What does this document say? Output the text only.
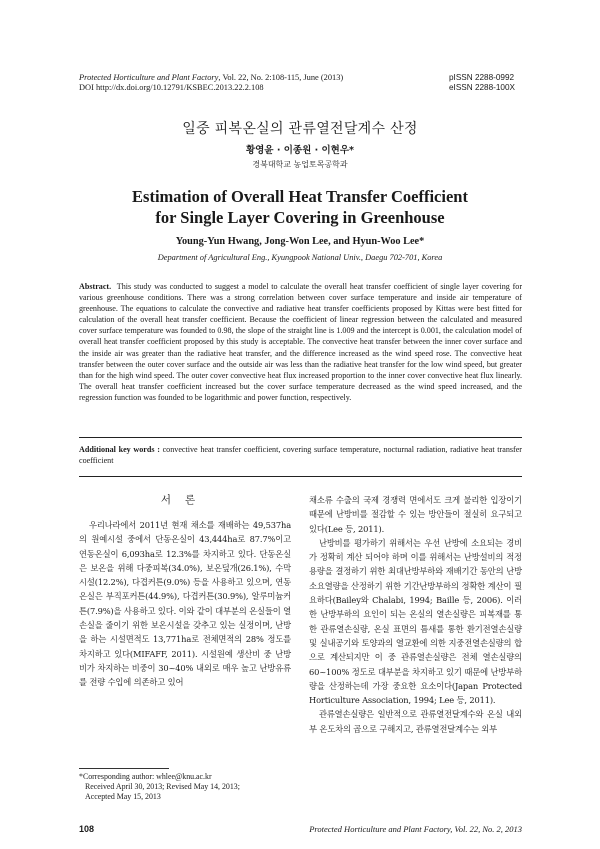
Protected Horticulture and Plant Factory, Vol. 22, No. 2:108-115, June (2013)
DOI http://dx.doi.org/10.12791/KSBEC.2013.22.2.108
pISSN 2288-0992
eISSN 2288-100X
일중 피복온실의 관류열전달계수 산정
황영윤 · 이종원 · 이현우*
경북대학교 농업토목공학과
Estimation of Overall Heat Transfer Coefficient
for Single Layer Covering in Greenhouse
Young-Yun Hwang, Jong-Won Lee, and Hyun-Woo Lee*
Department of Agricultural Eng., Kyungpook National Univ., Daegu 702-701, Korea
Abstract. This study was conducted to suggest a model to calculate the overall heat transfer coefficient of single layer covering for various greenhouse conditions. There was a strong correlation between cover surface temperature and inside air temperature of greenhouse. The equations to calculate the convective and radiative heat transfer coefficients proposed by Kittas were best fitted for calculation of the overall heat transfer coefficient. Because the coefficient of linear regression between the calculated and measured cover surface temperature was founded to 0.98, the slope of the straight line is 1.009 and the intercept is 0.001, the calculation model of overall heat transfer coefficient proposed by this study is acceptable. The convective heat transfer between the inner cover surface and the inside air was greater than the radiative heat transfer, and the difference increased as the wind speed rose. The convective heat transfer between the outer cover surface and the outside air was less than the radiative heat transfer for the low wind speed, but greater than for the high wind speed. The outer cover convective heat flux increased proportion to the inner cover convective heat flux linearly. The overall heat transfer coefficient increased but the cover surface temperature decreased as the wind speed increased, and the regression function was founded to be logarithmic and power function, respectively.
Additional key words : convective heat transfer coefficient, covering surface temperature, nocturnal radiation, radiative heat transfer coefficient
서론

우리나라에서 2011년 현재 채소를 재배하는 49,537ha의 원예시설 중에서 단동온실이 43,444ha로 87.7%이고 연동온실이 6,093ha로 12.3%를 차지하고 있다. 단동온실은 보온을 위해 다중피복(34.0%), 보온덮개(26.1%), 수막시설(12.2%), 다겹커튼(9.0%) 등을 사용하고 있으며, 연동온실은 부직포커튼(44.9%), 다겹커튼(30.9%), 알루미늄커튼(7.9%)을 사용하고 있다. 이와 같이 대부분의 온실들이 열손실을 줄이기 위한 보온시설을 갖추고 있는 실정이며, 난방을 하는 시설면적도 13,771ha로 전체면적의 28% 정도를 차지하고 있다(MIFAFF, 2011). 시설원예 생산비 중 난방비가 차지하는 비중이 30~40% 내외로 매우 높고 난방유류를 전량 수입에 의존하고 있어

*Corresponding author: whlee@knu.ac.kr
Received April 30, 2013; Revised May 14, 2013;
Accepted May 15, 2013

채소류 수출의 국제 경쟁력 면에서도 크게 불리한 입장이기 때문에 난방비를 절감할 수 있는 방안들이 절실히 요구되고 있다(Lee 등, 2011).

난방비를 평가하기 위해서는 우선 난방에 소요되는 경비가 정확히 계산 되어야 하며 이를 위해서는 난방설비의 적정 용량을 결정하기 위한 최대난방부하와 재배기간 동안의 난방소요열량을 산정하기 위한 기간난방부하의 정확한 계산이 필요하다(Bailey와 Chalabi, 1994; Baille 등, 2006). 이러한 난방부하의 요인이 되는 온실의 열손실량은 피복재를 통한 관류열손실량, 온실 표면의 틈새를 통한 환기전열손실량 및 실내공기와 토양과의 열교환에 의한 지중전열손실량의 합으로 계산되지만 이 중 관류열손실량은 전체 열손실량의 60~100% 정도로 대부분을 차지하고 있기 때문에 난방부하량을 산정하는데 가장 중요한 요소이다(Japan Protected Horticulture Association, 1994; Lee 등, 2011).

관류열손실량은 일반적으로 관류열전달계수와 온실 내외부 온도차의 곱으로 구해지고, 관류열전달계수는 외부

108	Protected Horticulture and Plant Factory, Vol. 22, No. 2, 2013
